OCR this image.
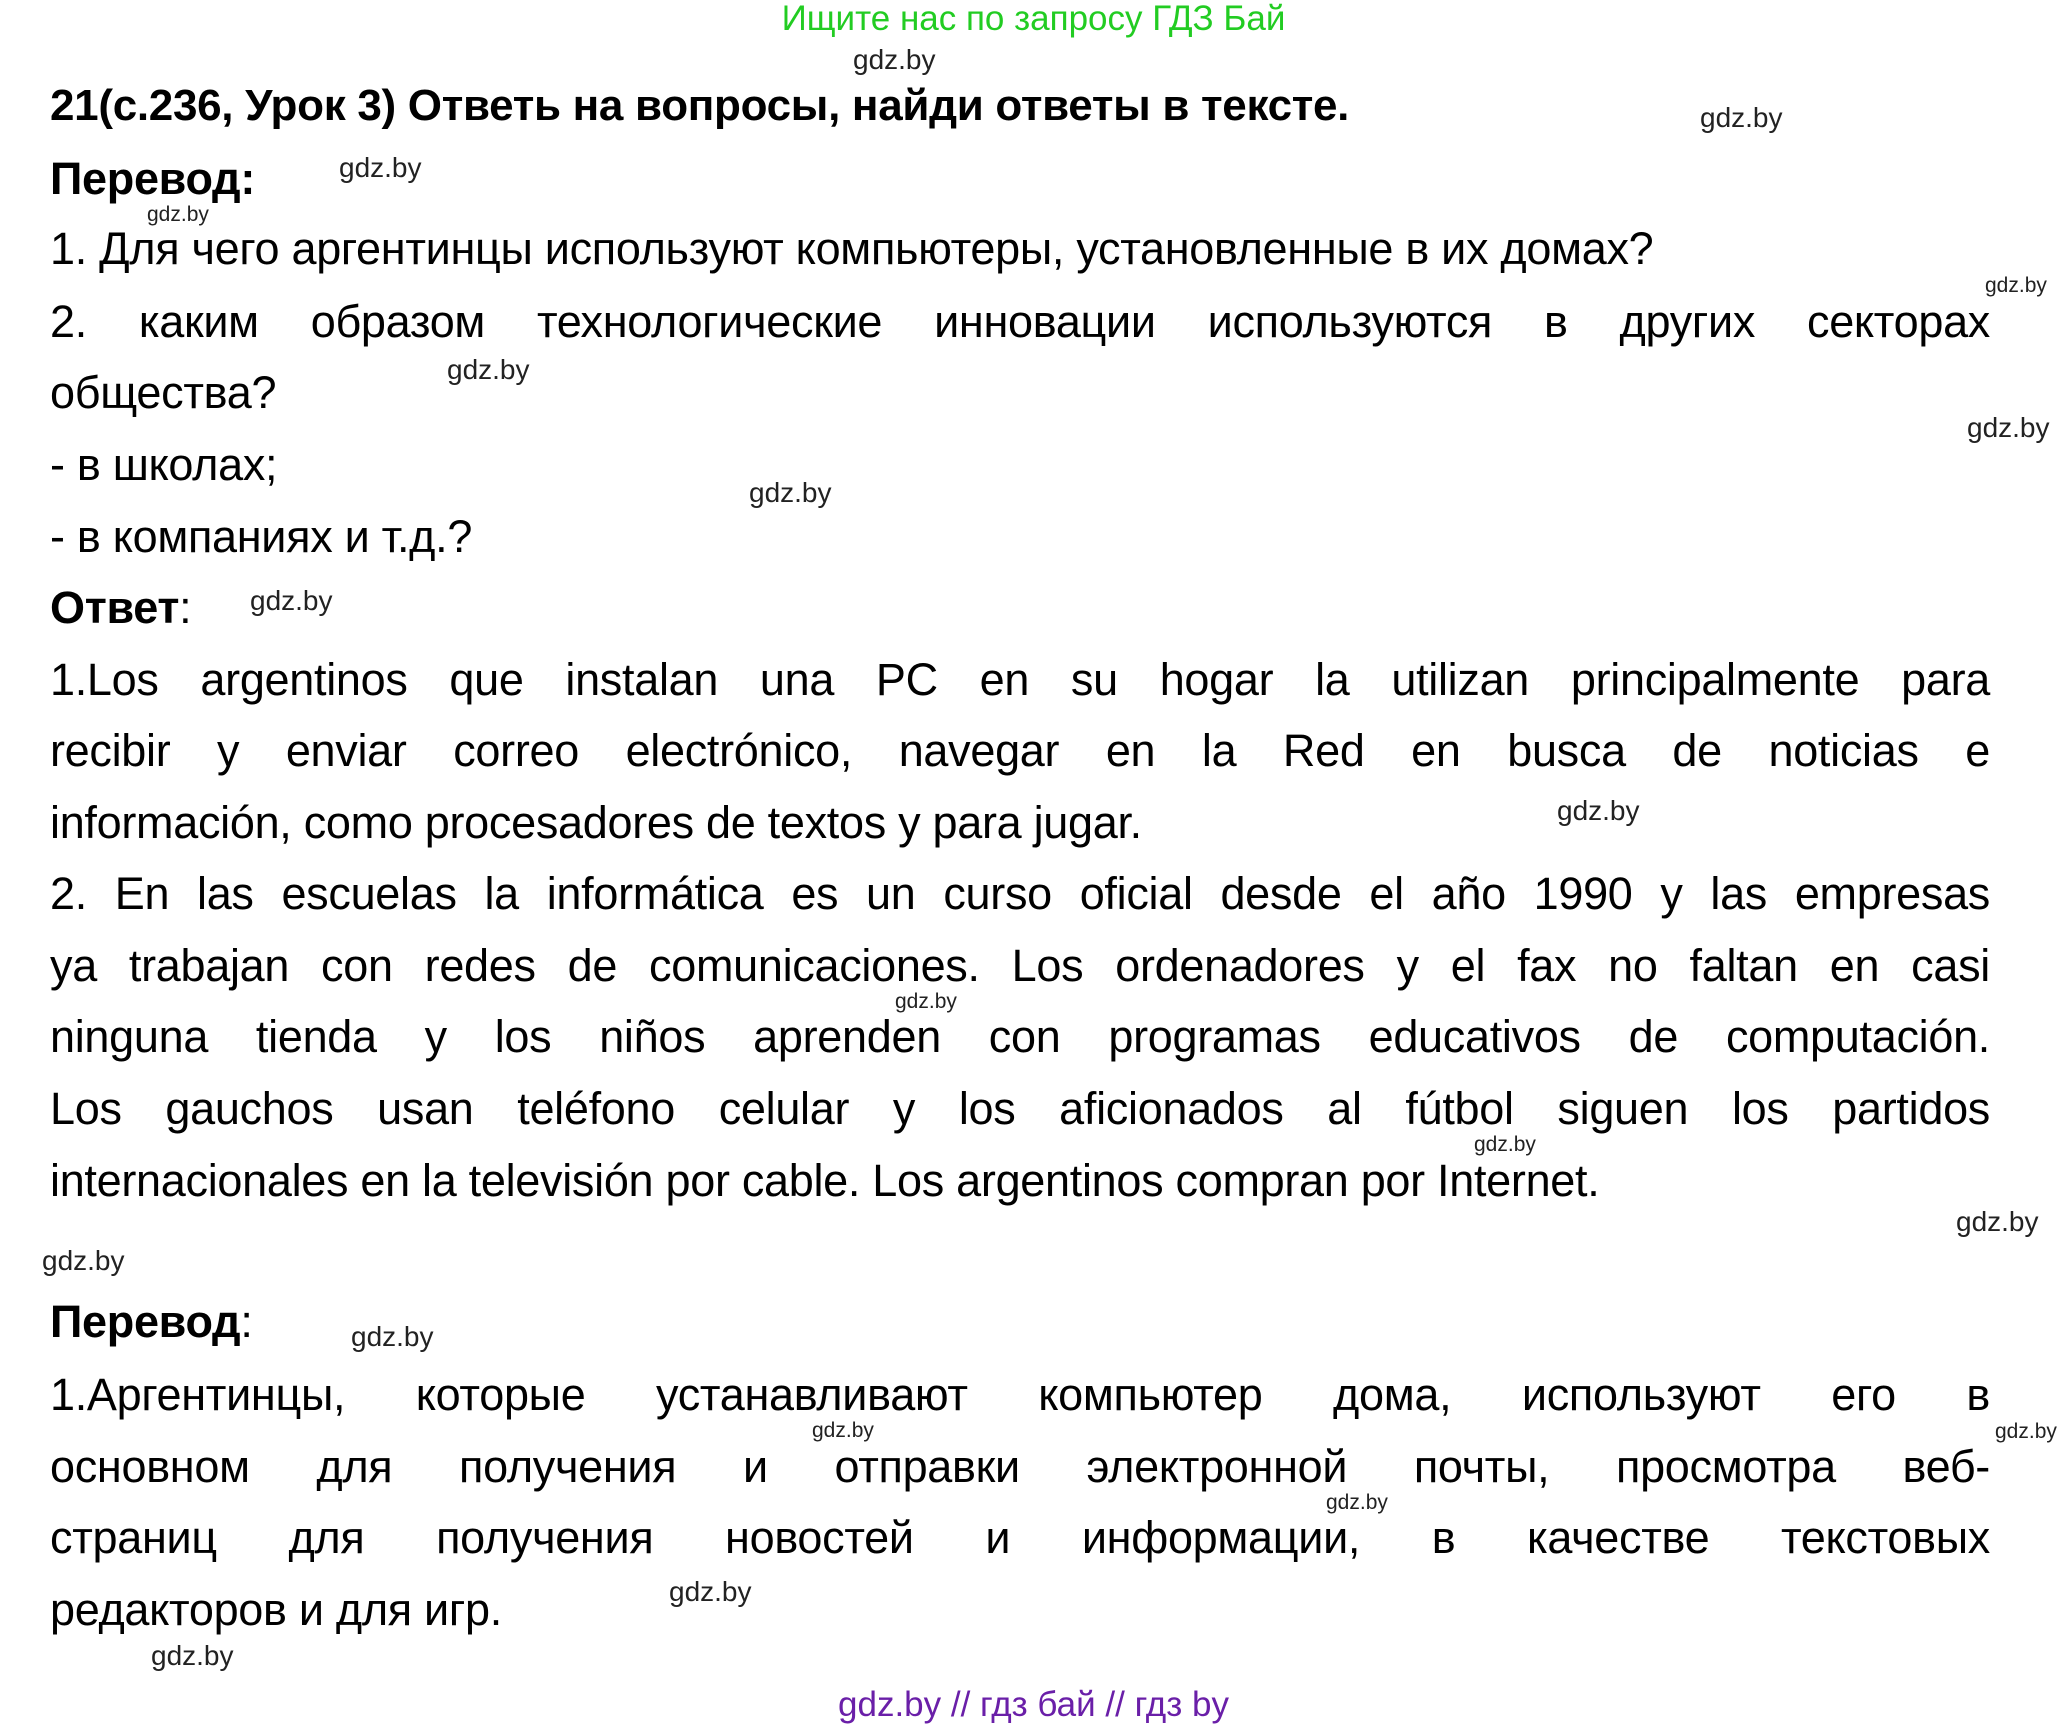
Ищите нас по запросу ГДЗ Бай
21(с.236, Урок 3) Ответь на вопросы, найди ответы в тексте.
Перевод:
1. Для чего аргентинцы используют компьютеры, установленные в их домах?
2. каким образом технологические инновации используются в других секторах
общества?
- в школах;
- в компаниях и т.д.?
Ответ:
1.Los argentinos que instalan una PC en su hogar la utilizan principalmente para
recibir y enviar correo electrónico, navegar en la Red en busca de noticias e
información, como procesadores de textos y para jugar.
2. En las escuelas la informática es un curso oficial desde el año 1990 y las empresas
ya trabajan con redes de comunicaciones. Los ordenadores y el fax no faltan en casi
ninguna tienda y los niños aprenden con programas educativos de computación.
Los gauchos usan teléfono celular y los aficionados al fútbol siguen los partidos
internacionales en la televisión por cable. Los argentinos compran por Internet.
Перевод:
1.Аргентинцы, которые устанавливают компьютер дома, используют его в
основном для получения и отправки электронной почты, просмотра веб-
страниц для получения новостей и информации, в качестве текстовых
редакторов и для игр.
gdz.by
gdz.by
gdz.by
gdz.by
gdz.by
gdz.by
gdz.by
gdz.by
gdz.by
gdz.by
gdz.by
gdz.by
gdz.by
gdz.by
gdz.by
gdz.by	gdz.by
gdz.by
gdz.by
gdz.by
gdz.by // гдз бай // гдз by
